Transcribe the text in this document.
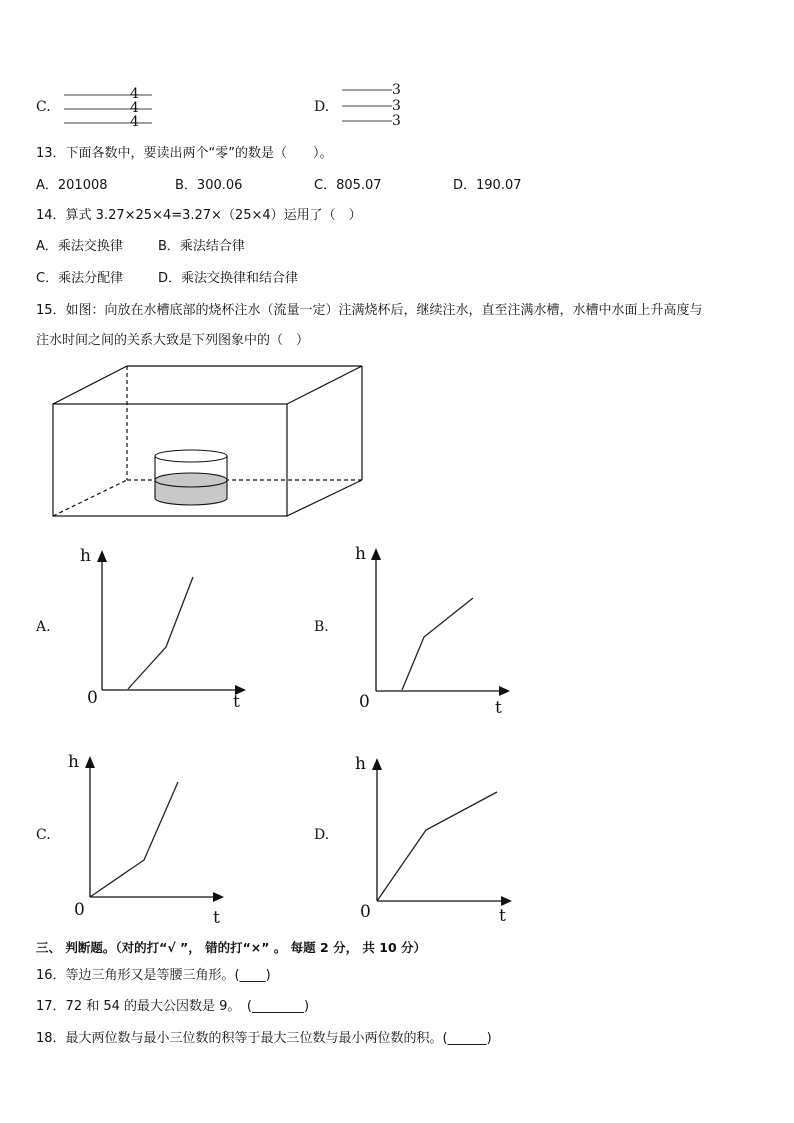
C.
4
4
4
D.
3
3
3
13．下面各数中，要读出两个“零”的数是（　　）。
A．201008	B．300.06	C．805.07	D．190.07
14．算式 3.27×25×4=3.27×（25×4）运用了（　）
A．乘法交换律	B．乘法结合律
C．乘法分配律	D．乘法交换律和结合律
15．如图：向放在水槽底部的烧杯注水（流量一定）注满烧杯后，继续注水，直至注满水槽，水槽中水面上升高度与
注水时间之间的关系大致是下列图象中的（　）
A.
h
t
0
B.
h
t
0
C.
h
t
0
D.
h
t
0
三、 判断题。（对的打“√ ”， 错的打“×” 。 每题 2 分， 共 10 分）
16．等边三角形又是等腰三角形。(____)
17．72 和 54 的最大公因数是 9。　(________)
18．最大两位数与最小三位数的积等于最大三位数与最小两位数的积。(______)
